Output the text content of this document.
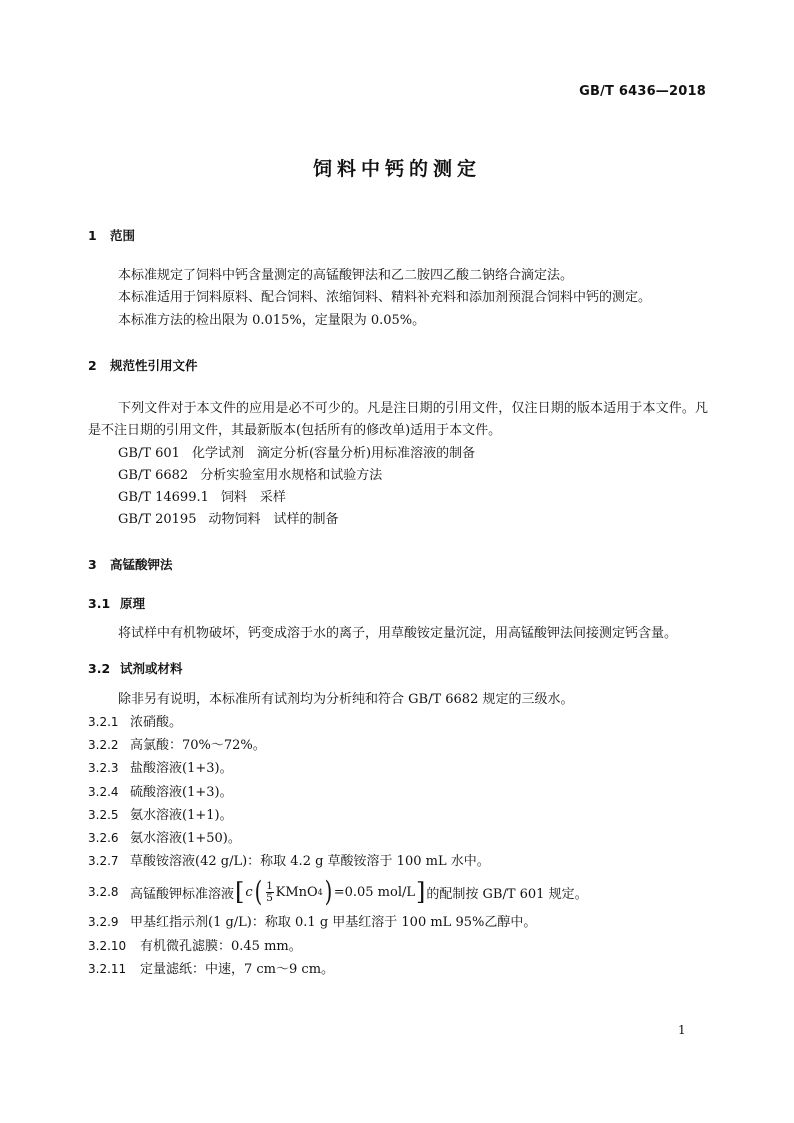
GB/T 6436—2018
饲料中钙的测定
1 范围
本标准规定了饲料中钙含量测定的高锰酸钾法和乙二胺四乙酸二钠络合滴定法。
本标准适用于饲料原料、配合饲料、浓缩饲料、精料补充料和添加剂预混合饲料中钙的测定。
本标准方法的检出限为 0.015%，定量限为 0.05%。
2 规范性引用文件
下列文件对于本文件的应用是必不可少的。凡是注日期的引用文件，仅注日期的版本适用于本文件。凡是不注日期的引用文件，其最新版本(包括所有的修改单)适用于本文件。
GB/T 601 化学试剂　滴定分析(容量分析)用标准溶液的制备
GB/T 6682 分析实验室用水规格和试验方法
GB/T 14699.1 饲料　采样
GB/T 20195 动物饲料　试样的制备
3 高锰酸钾法
3.1 原理
将试样中有机物破坏，钙变成溶于水的离子，用草酸铵定量沉淀，用高锰酸钾法间接测定钙含量。
3.2 试剂或材料
除非另有说明，本标准所有试剂均为分析纯和符合 GB/T 6682 规定的三级水。
3.2.1 浓硝酸。
3.2.2 高氯酸：70%～72%。
3.2.3 盐酸溶液(1+3)。
3.2.4 硫酸溶液(1+3)。
3.2.5 氨水溶液(1+1)。
3.2.6 氨水溶液(1+50)。
3.2.7 草酸铵溶液(42 g/L)：称取 4.2 g 草酸铵溶于 100 mL 水中。
3.2.8 高锰酸钾标准溶液 [ c ( $\frac{1}{5}$ KMnO 4 ) =0.05 mol/L ] 的配制按 GB/T 601 规定。
3.2.9 甲基红指示剂(1 g/L)：称取 0.1 g 甲基红溶于 100 mL 95%乙醇中。
3.2.10 有机微孔滤膜：0.45 mm。
3.2.11 定量滤纸：中速，7 cm～9 cm。
1
